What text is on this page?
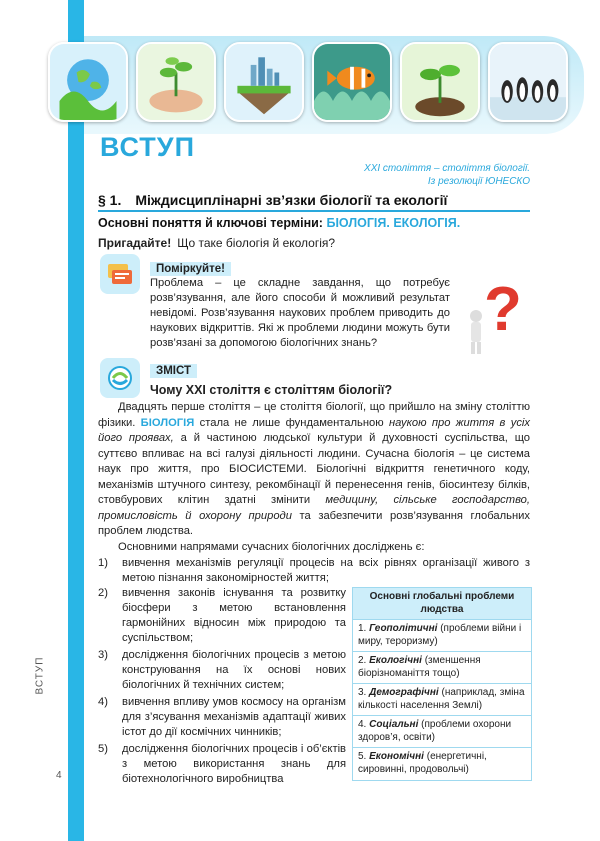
ВСТУП
4
ВСТУП
XXI століття – століття біології.
Із резолюції ЮНЕСКО
§ 1. Міждисциплінарні зв’язки біології та екології
Основні поняття й ключові терміни: БІОЛОГІЯ. ЕКОЛОГІЯ.
Пригадайте! Що таке біологія й екологія?
Поміркуйте!
Проблема – це складне завдання, що потребує розв’язування, але його способи й можливий результат невідомі. Розв’язування наукових проблем приводить до наукових відкриттів. Які ж проблеми людини можуть бути розв’язані за допомогою біологічних знань?	?
ЗМІСТ
Чому ХХІ століття є століттям біології?
Двадцять перше століття – це століття біології, що прийшло на зміну століттю фізики. БІОЛОГІЯ стала не лише фундаментальною наукою про життя в усіх його проявах, а й частиною людської культури й духовності суспільства, що суттєво впливає на всі галузі діяльності людини. Сучасна біологія – це система наук про життя, про БІОСИСТЕМИ. Біологічні відкриття генетичного коду, механізмів штучного синтезу, рекомбінації й перенесення генів, біосинтезу білків, стовбурових клітин здатні змінити медицину, сільське господарство, промисловість й охорону природи та забезпечити розв’язування глобальних проблем людства.
Основними напрямами сучасних біологічних досліджень є:
1)	вивчення механізмів регуляції процесів на всіх рівнях організації живого з метою пізнання закономірностей життя;
2)	вивчення законів існування та розвитку біосфери з метою встановлення гармонійних відносин між природою та суспільством;
3)	дослідження біологічних процесів з метою конструювання на їх основі нових біологічних й технічних систем;
4)	вивчення впливу умов космосу на організм для з’ясування механізмів адаптації живих істот до дії космічних чинників;
5)	дослідження біологічних процесів і об’єктів з метою використання знань для біотехнологічного виробництва
Основні глобальні проблеми людства
1. Геополітичні (проблеми війни і миру, тероризму)
2. Екологічні (зменшення біорізноманіття тощо)
3. Демографічні (наприклад, зміна кількості населення Землі)
4. Соціальні (проблеми охорони здоров’я, освіти)
5. Економічні (енергетичні, сировинні, продовольчі)
